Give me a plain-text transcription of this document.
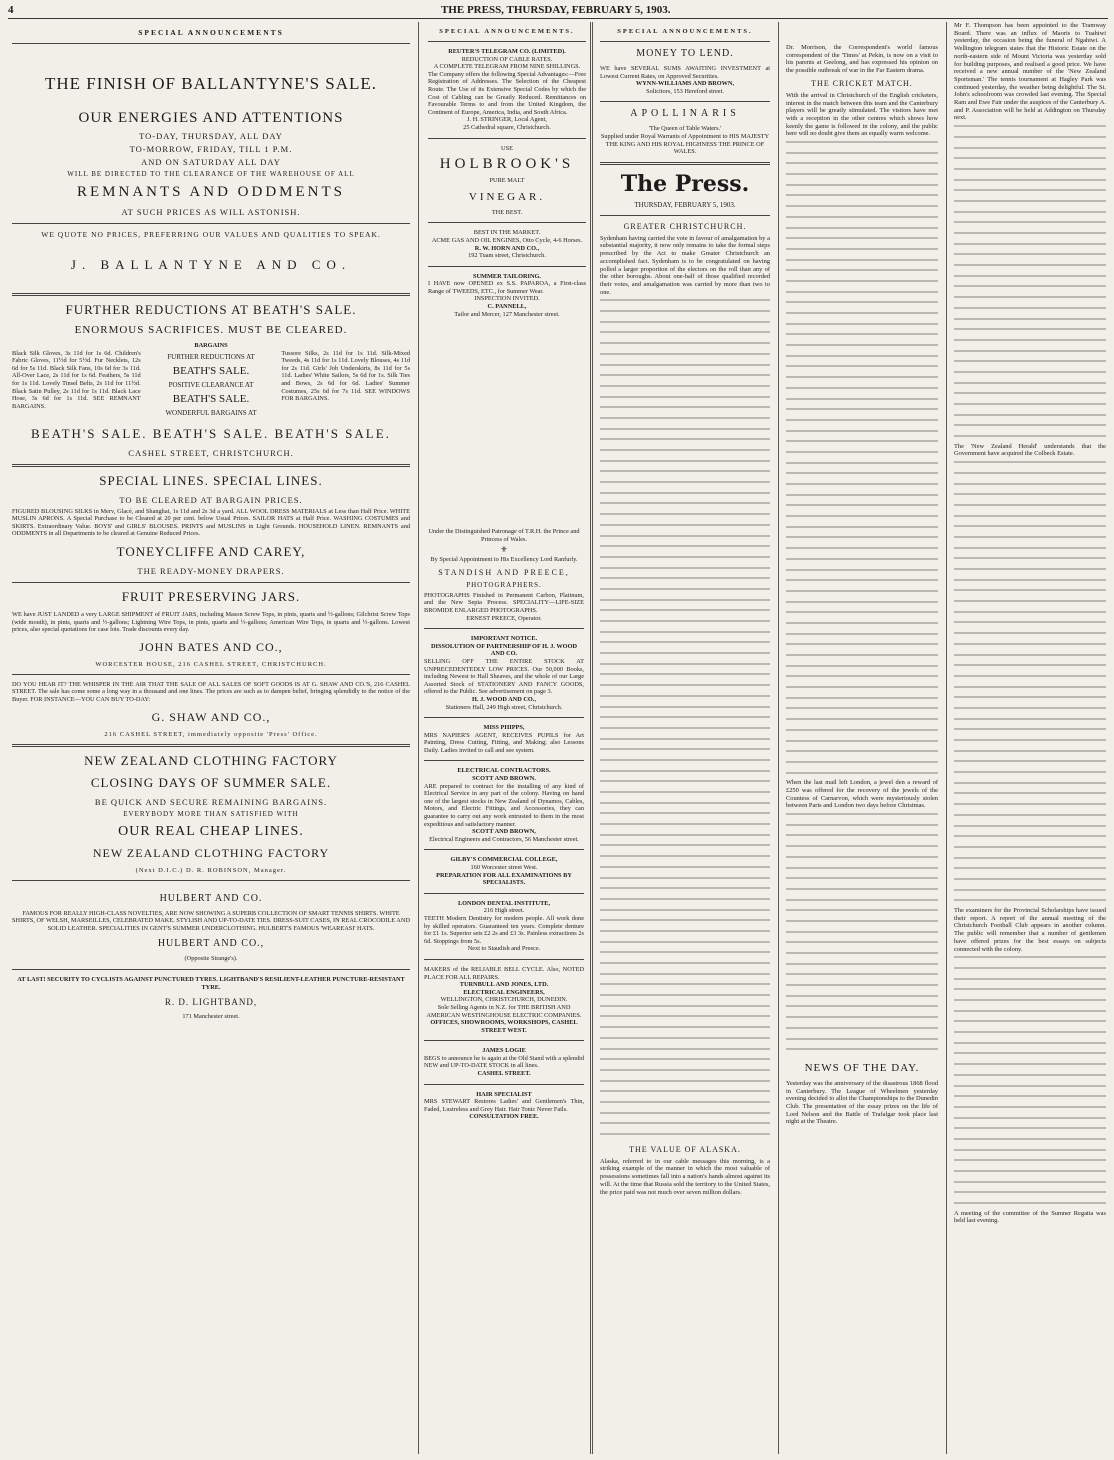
4	THE PRESS, THURSDAY, FEBRUARY 5, 1903.
SPECIAL ANNOUNCEMENTS
THE FINISH OF BALLANTYNE'S SALE.
OUR ENERGIES AND ATTENTIONS
TO-DAY, THURSDAY, ALL DAY
TO-MORROW, FRIDAY, TILL 1 P.M.
AND ON SATURDAY ALL DAY
WILL BE DIRECTED TO THE CLEARANCE OF THE WAREHOUSE OF ALL
REMNANTS AND ODDMENTS
AT SUCH PRICES AS WILL ASTONISH.
WE QUOTE NO PRICES, PREFERRING OUR VALUES AND QUALITIES TO SPEAK.
J. BALLANTYNE AND CO.
FURTHER REDUCTIONS AT BEATH'S SALE.
ENORMOUS SACRIFICES. MUST BE CLEARED.
BARGAINS
Black Silk Gloves, 3s 11d for 1s 6d. Children's Fabric Gloves, 11½d for 5½d. Fur Necklets, 12s 6d for 5s 11d. Black Silk Fans, 10s 6d for 3s 11d. All-Over Lace, 2s 11d for 1s 6d. Feathers, 5s 11d for 1s 11d. Lovely Tinsel Belts, 2s 11d for 11½d. Black Satin Pulley, 2s 11d for 1s 11d. Black Lace Hose, 3s 6d for 1s 11d. SEE REMNANT BARGAINS.
FURTHER REDUCTIONS AT
BEATH'S SALE.
POSITIVE CLEARANCE AT
BEATH'S SALE.
WONDERFUL BARGAINS AT
Tussore Silks, 2s 11d for 1s 11d. Silk-Mixed Tweeds, 4s 11d for 1s 11d. Lovely Blouses, 4s 11d for 2s 11d. Girls' Job Underskirts, 8s 11d for 5s 11d. Ladies' White Sailors, 5s 6d for 1s. Silk Ties and Bows, 2s 6d for 6d. Ladies' Summer Costumes, 25s 6d for 7s 11d. SEE WINDOWS FOR BARGAINS.
BEATH'S SALE. BEATH'S SALE. BEATH'S SALE.
CASHEL STREET, CHRISTCHURCH.
SPECIAL LINES. SPECIAL LINES.
TO BE CLEARED AT BARGAIN PRICES.
FIGURED BLOUSING SILKS in Merv, Glacé, and Shanghai, 1s 11d and 2s 3d a yard. ALL WOOL DRESS MATERIALS at Less than Half Price. WHITE MUSLIN APRONS. A Special Purchase to be Cleared at 20 per cent. below Usual Prices. SAILOR HATS at Half Price. WASHING COSTUMES and SKIRTS. Extraordinary Value. BOYS' and GIRLS' BLOUSES. PRINTS and MUSLINS in Light Grounds. HOUSEHOLD LINEN. REMNANTS and ODDMENTS in all Departments to be cleared at Genuine Reduced Prices.
TONEYCLIFFE AND CAREY,
THE READY-MONEY DRAPERS.
FRUIT PRESERVING JARS.
WE have JUST LANDED a very LARGE SHIPMENT of FRUIT JARS, including Mason Screw Tops, in pints, quarts and ½-gallons; Gilchrist Screw Tops (wide mouth), in pints, quarts and ½-gallons; Lightning Wire Tops, in pints, quarts and ½-gallons; American Wire Tops, in quarts and ½-gallons. Lowest prices, also special quotations for case lots. Trade discounts every day.
JOHN BATES AND CO.,
WORCESTER HOUSE, 216 CASHEL STREET, CHRISTCHURCH.
DO YOU HEAR IT? THE WHISPER IN THE AIR THAT THE SALE OF ALL SALES OF SOFT GOODS IS AT G. SHAW AND CO.'S, 216 CASHEL STREET. The sale has come some a long way in a thousand and one lines. The prices are such as to dampen belief, bringing splendidly to the notice of the Buyer. FOR INSTANCE—YOU CAN BUY TO-DAY:
G. SHAW AND CO.,
216 CASHEL STREET, immediately opposite 'Press' Office.
NEW ZEALAND CLOTHING FACTORY
CLOSING DAYS OF SUMMER SALE.
BE QUICK AND SECURE REMAINING BARGAINS.
EVERYBODY MORE THAN SATISFIED WITH
OUR REAL CHEAP LINES.
NEW ZEALAND CLOTHING FACTORY
(Next D.I.C.) D. R. ROBINSON, Manager.
HULBERT AND CO.
FAMOUS FOR REALLY HIGH-CLASS NOVELTIES, ARE NOW SHOWING A SUPERB COLLECTION OF SMART TENNIS SHIRTS. WHITE SHIRTS, OF WELSH, MARSEILLES, CELEBRATED MAKE. STYLISH AND UP-TO-DATE TIES. DRESS-SUIT CASES, IN REAL CROCODILE AND SOLID LEATHER. SPECIALITIES IN GENT'S SUMMER UNDERCLOTHING. HULBERT'S FAMOUS 'WEAREASI' HATS.
HULBERT AND CO.,
(Opposite Strange's).
AT LAST! SECURITY TO CYCLISTS AGAINST PUNCTURED TYRES. LIGHTBAND'S RESILIENT-LEATHER PUNCTURE-RESISTANT TYRE.
R. D. LIGHTBAND,
171 Manchester street.
Under the Distinguished Patronage of T.R.H. the Prince and Princess of Wales.
⚜
By Special Appointment to His Excellency Lord Ranfurly.
STANDISH AND PREECE,
PHOTOGRAPHERS.
PHOTOGRAPHS Finished in Permanent Carbon, Platinum, and the New Sepia Process. SPECIALITY—LIFE-SIZE BROMIDE ENLARGED PHOTOGRAPHS.
ERNEST PREECE, Operator.
IMPORTANT NOTICE.
DISSOLUTION OF PARTNERSHIP OF H. J. WOOD AND CO.
SELLING OFF THE ENTIRE STOCK AT UNPRECEDENTEDLY LOW PRICES. Our 50,000 Books, including Newest to Hall Sheaves, and the whole of our Large Assorted Stock of STATIONERY AND FANCY GOODS, offered to the Public. See advertisement on page 3.
H. J. WOOD AND CO.,
Stationers Hall, 249 High street, Christchurch.
MISS PHIPPS,
MRS NAPIER'S AGENT, RECEIVES PUPILS for Art Painting, Dress Cutting, Fitting, and Making; also Lessons Daily. Ladies invited to call and see system.
ELECTRICAL CONTRACTORS.
SCOTT AND BROWN.
ARE prepared to contract for the installing of any kind of Electrical Service in any part of the colony. Having on hand one of the largest stocks in New Zealand of Dynamos, Cables, Motors, and Electric Fittings, and Accessories, they can guarantee to carry out any work entrusted to them in the most expeditious and satisfactory manner.
SCOTT AND BROWN,
Electrical Engineers and Contractors, 56 Manchester street.
GILBY'S COMMERCIAL COLLEGE,
160 Worcester street West.
PREPARATION FOR ALL EXAMINATIONS BY SPECIALISTS.
LONDON DENTAL INSTITUTE,
216 High street.
TEETH Modern Dentistry for modern people. All work done by skilled operators. Guaranteed ten years. Complete denture for £1 1s. Superior sets £2 2s and £3 3s. Painless extractions 2s 6d. Stoppings from 5s.
Next to Staudish and Preece.
MAKERS of the RELIABLE BELL CYCLE. Also, NOTED PLACE FOR ALL REPAIRS.
TURNBULL AND JONES, LTD.
ELECTRICAL ENGINEERS,
WELLINGTON, CHRISTCHURCH, DUNEDIN.
Sole Selling Agents in N.Z. for THE BRITISH AND AMERICAN WESTINGHOUSE ELECTRIC COMPANIES.
OFFICES, SHOWROOMS, WORKSHOPS, CASHEL STREET WEST.
JAMES LOGIE
BEGS to announce he is again at the Old Stand with a splendid NEW and UP-TO-DATE STOCK in all lines.
CASHEL STREET.
HAIR SPECIALIST
MRS STEWART Restores Ladies' and Gentlemen's Thin, Faded, Lustreless and Grey Hair. Hair Tonic Never Fails.
CONSULTATION FREE.
SPECIAL ANNOUNCEMENTS.
REUTER'S TELEGRAM CO. (LIMITED).
REDUCTION OF CABLE RATES.
A COMPLETE TELEGRAM FROM NINE SHILLINGS.
The Company offers the following Special Advantages:—Free Registration of Addresses. The Selection of the Cheapest Route. The Use of its Extensive Special Codes by which the Cost of Cabling can be Greatly Reduced. Remittances on Favourable Terms to and from the United Kingdom, the Continent of Europe, America, India, and South Africa.
J. H. STRINGER, Local Agent,
25 Cathedral square, Christchurch.
USE
HOLBROOK'S
PURE MALT
VINEGAR.
THE BEST.
BEST IN THE MARKET.
ACME GAS AND OIL ENGINES, Otto Cycle, 4-6 Horses.
R. W. HORN AND CO.,
192 Tuam street, Christchurch.
SUMMER TAILORING.
I HAVE now OPENED ex S.S. PAPAROA, a First-class Range of TWEEDS, ETC., for Summer Wear.
INSPECTION INVITED.
C. PANNELL,
Tailor and Mercer, 127 Manchester street.
SPECIAL ANNOUNCEMENTS.
MONEY TO LEND.
WE have SEVERAL SUMS AWAITING INVESTMENT at Lowest Current Rates, on Approved Securities.
WYNN-WILLIAMS AND BROWN,
Solicitors, 153 Hereford street.
APOLLINARIS
'The Queen of Table Waters.'
Supplied under Royal Warrants of Appointment to HIS MAJESTY THE KING AND HIS ROYAL HIGHNESS THE PRINCE OF WALES.
The Press.
THURSDAY, FEBRUARY 5, 1903.
GREATER CHRISTCHURCH.
Sydenham having carried the vote in favour of amalgamation by a substantial majority, it now only remains to take the formal steps prescribed by the Act to make Greater Christchurch an accomplished fact. Sydenham is to be congratulated on having polled a larger proportion of the electors on the roll than any of the other boroughs. About one-half of those qualified recorded their votes, and amalgamation was carried by more than two to one.
THE VALUE OF ALASKA.
Alaska, referred to in our cable messages this morning, is a striking example of the manner in which the most valuable of possessions sometimes fall into a nation's hands almost against its will. At the time that Russia sold the territory to the United States, the price paid was not much over seven million dollars.
Dr. Morrison, the Correspondent's world famous correspondent of the 'Times' at Pekin, is now on a visit to his parents at Geelong, and has expressed his opinion on the possible outbreak of war in the Far Eastern drama.
THE CRICKET MATCH.
With the arrival in Christchurch of the English cricketers, interest in the match between this team and the Canterbury players will be greatly stimulated. The visitors have met with a reception in the other centres which shows how keenly the game is followed in the colony, and the public here will no doubt give them an equally warm welcome.
When the last mail left London, a jewel den a reward of £250 was offered for the recovery of the jewels of the Countess of Carnarvon, which were mysteriously stolen between Paris and London two days before Christmas.
NEWS OF THE DAY.
Yesterday was the anniversary of the disastrous 1868 flood in Canterbury. The League of Wheelmen yesterday evening decided to allot the Championships to the Dunedin Club. The presentation of the essay prizes on the life of Lord Nelson and the Battle of Trafalgar took place last night at the Theatre.
Mr F. Thompson has been appointed to the Tramway Board. There was an influx of Maoris to Tuahiwi yesterday, the occasion being the funeral of Ngahiwi. A Wellington telegram states that the Historic Estate on the north-eastern side of Mount Victoria was yesterday sold for building purposes, and realised a good price. We have received a new annual number of the 'New Zealand Sportsman.' The tennis tournament at Hagley Park was continued yesterday, the weather being delightful. The St. John's schoolroom was crowded last evening. The Special Ram and Ewe Fair under the auspices of the Canterbury A. and P. Association will be held at Addington on Thursday next.
The 'New Zealand Herald' understands that the Government have acquired the Colbeck Estate.
The examiners for the Provincial Scholarships have issued their report. A report of the annual meeting of the Christchurch Football Club appears in another column. The public will remember that a number of gentlemen have offered prizes for the best essays on subjects connected with the colony.
A meeting of the committee of the Sumner Regatta was held last evening.
